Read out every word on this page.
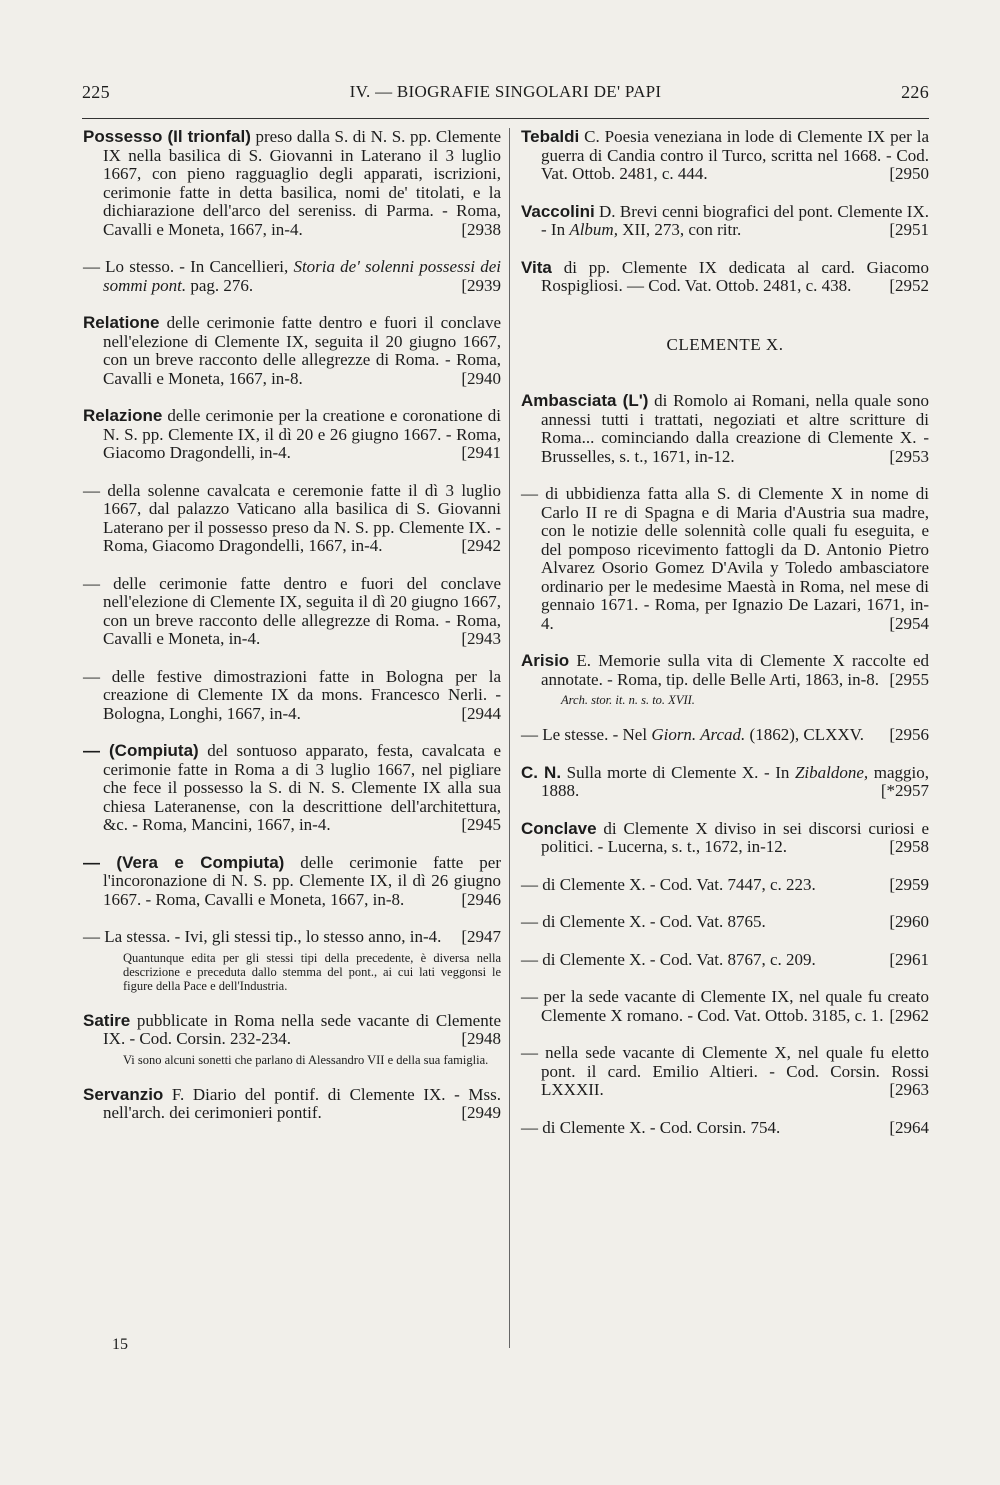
225	IV. — BIOGRAFIE SINGOLARI DE' PAPI	226
Possesso (Il trionfal) preso dalla S. di N. S. pp. Clemente IX nella basilica di S. Giovanni in Laterano il 3 luglio 1667, con pieno ragguaglio degli apparati, iscrizioni, cerimonie fatte in detta basilica, nomi de' titolati, e la dichiarazione dell'arco del sereniss. di Parma. - Roma, Cavalli e Moneta, 1667, in-4.	[2938
— Lo stesso. - In Cancellieri, Storia de' solenni possessi dei sommi pont. pag. 276.	[2939
Relatione delle cerimonie fatte dentro e fuori il conclave nell'elezione di Clemente IX, seguita il 20 giugno 1667, con un breve racconto delle allegrezze di Roma. - Roma, Cavalli e Moneta, 1667, in-8.	[2940
Relazione delle cerimonie per la creatione e coronatione di N. S. pp. Clemente IX, il dì 20 e 26 giugno 1667. - Roma, Giacomo Dragondelli, in-4.	[2941
— della solenne cavalcata e ceremonie fatte il dì 3 luglio 1667, dal palazzo Vaticano alla basilica di S. Giovanni Laterano per il possesso preso da N. S. pp. Clemente IX. - Roma, Giacomo Dragondelli, 1667, in-4.	[2942
— delle cerimonie fatte dentro e fuori del conclave nell'elezione di Clemente IX, seguita il dì 20 giugno 1667, con un breve racconto delle allegrezze di Roma. - Roma, Cavalli e Moneta, in-4.	[2943
— delle festive dimostrazioni fatte in Bologna per la creazione di Clemente IX da mons. Francesco Nerli. - Bologna, Longhi, 1667, in-4.	[2944
— (Compiuta) del sontuoso apparato, festa, cavalcata e cerimonie fatte in Roma a di 3 luglio 1667, nel pigliare che fece il possesso la S. di N. S. Clemente IX alla sua chiesa Lateranense, con la descrittione dell'architettura, &c. - Roma, Mancini, 1667, in-4.	[2945
— (Vera e Compiuta) delle cerimonie fatte per l'incoronazione di N. S. pp. Clemente IX, il dì 26 giugno 1667. - Roma, Cavalli e Moneta, 1667, in-8.	[2946
— La stessa. - Ivi, gli stessi tip., lo stesso anno, in-4. [2947

Quantunque edita per gli stessi tipi della precedente, è diversa nella descrizione e preceduta dallo stemma del pont., ai cui lati veggonsi le figure della Pace e dell'Industria.
Satire pubblicate in Roma nella sede vacante di Clemente IX. - Cod. Corsin. 232-234.	[2948

Vi sono alcuni sonetti che parlano di Alessandro VII e della sua famiglia.
Servanzio F. Diario del pontif. di Clemente IX. - Mss. nell'arch. dei cerimonieri pontif.	[2949
Tebaldi C. Poesia veneziana in lode di Clemente IX per la guerra di Candia contro il Turco, scritta nel 1668. - Cod. Vat. Ottob. 2481, c. 444.	[2950
Vaccolini D. Brevi cenni biografici del pont. Clemente IX. - In Album, XII, 273, con ritr.	[2951
Vita di pp. Clemente IX dedicata al card. Giacomo Rospigliosi. — Cod. Vat. Ottob. 2481, c. 438. [2952
CLEMENTE X.
Ambasciata (L') di Romolo ai Romani, nella quale sono annessi tutti i trattati, negoziati et altre scritture di Roma... cominciando dalla creazione di Clemente X. - Brusselles, s. t., 1671, in-12.	[2953
— di ubbidienza fatta alla S. di Clemente X in nome di Carlo II re di Spagna e di Maria d'Austria sua madre, con le notizie delle solennità colle quali fu eseguita, e del pomposo ricevimento fattogli da D. Antonio Pietro Alvarez Osorio Gomez D'Avila y Toledo ambasciatore ordinario per le medesime Maestà in Roma, nel mese di gennaio 1671. - Roma, per Ignazio De Lazari, 1671, in-4.	[2954
Arisio E. Memorie sulla vita di Clemente X raccolte ed annotate. - Roma, tip. delle Belle Arti, 1863, in-8. [2955

Arch. stor. it. n. s. to. XVII.
— Le stesse. - Nel Giorn. Arcad. (1862), CLXXV. [2956
C. N. Sulla morte di Clemente X. - In Zibaldone, maggio, 1888.	[*2957
Conclave di Clemente X diviso in sei discorsi curiosi e politici. - Lucerna, s. t., 1672, in-12.	[2958
— di Clemente X. - Cod. Vat. 7447, c. 223.	[2959
— di Clemente X. - Cod. Vat. 8765.	[2960
— di Clemente X. - Cod. Vat. 8767, c. 209.	[2961
— per la sede vacante di Clemente IX, nel quale fu creato Clemente X romano. - Cod. Vat. Ottob. 3185, c. 1. [2962
— nella sede vacante di Clemente X, nel quale fu eletto pont. il card. Emilio Altieri. - Cod. Corsin. Rossi LXXXII.	[2963
— di Clemente X. - Cod. Corsin. 754.	[2964
15
